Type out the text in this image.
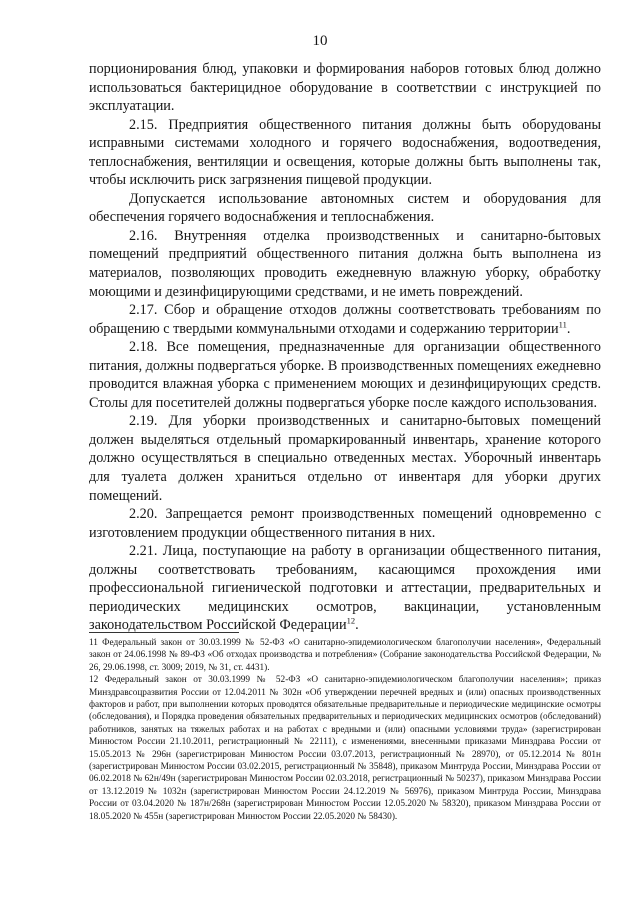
10

порционирования блюд, упаковки и формирования наборов готовых блюд должно использоваться бактерицидное оборудование в соответствии с инструкцией по эксплуатации.

2.15. Предприятия общественного питания должны быть оборудованы исправными системами холодного и горячего водоснабжения, водоотведения, теплоснабжения, вентиляции и освещения, которые должны быть выполнены так, чтобы исключить риск загрязнения пищевой продукции.

Допускается использование автономных систем и оборудования для обеспечения горячего водоснабжения и теплоснабжения.

2.16. Внутренняя отделка производственных и санитарно-бытовых помещений предприятий общественного питания должна быть выполнена из материалов, позволяющих проводить ежедневную влажную уборку, обработку моющими и дезинфицирующими средствами, и не иметь повреждений.

2.17. Сбор и обращение отходов должны соответствовать требованиям по обращению с твердыми коммунальными отходами и содержанию территории$^{11}$.

2.18. Все помещения, предназначенные для организации общественного питания, должны подвергаться уборке. В производственных помещениях ежедневно проводится влажная уборка с применением моющих и дезинфицирующих средств. Столы для посетителей должны подвергаться уборке после каждого использования.

2.19. Для уборки производственных и санитарно-бытовых помещений должен выделяться отдельный промаркированный инвентарь, хранение которого должно осуществляться в специально отведенных местах. Уборочный инвентарь для туалета должен храниться отдельно от инвентаря для уборки других помещений.

2.20. Запрещается ремонт производственных помещений одновременно с изготовлением продукции общественного питания в них.

2.21. Лица, поступающие на работу в организации общественного питания, должны соответствовать требованиям, касающимся прохождения ими профессиональной гигиенической подготовки и аттестации, предварительных и периодических медицинских осмотров, вакцинации, установленным законодательством Российской Федерации$^{12}$.

11 Федеральный закон от 30.03.1999 № 52-ФЗ «О санитарно-эпидемиологическом благополучии населения», Федеральный закон от 24.06.1998 № 89-ФЗ «Об отходах производства и потребления» (Собрание законодательства Российской Федерации, № 26, 29.06.1998, ст. 3009; 2019, № 31, ст. 4431).

12 Федеральный закон от 30.03.1999 № 52-ФЗ «О санитарно-эпидемиологическом благополучии населения»; приказ Минздравсоцразвития России от 12.04.2011 № 302н «Об утверждении перечней вредных и (или) опасных производственных факторов и работ, при выполнении которых проводятся обязательные предварительные и периодические медицинские осмотры (обследования), и Порядка проведения обязательных предварительных и периодических медицинских осмотров (обследований) работников, занятых на тяжелых работах и на работах с вредными и (или) опасными условиями труда» (зарегистрирован Минюстом России 21.10.2011, регистрационный № 22111), с изменениями, внесенными приказами Минздрава России от 15.05.2013 № 296н (зарегистрирован Минюстом России 03.07.2013, регистрационный № 28970), от 05.12.2014 № 801н (зарегистрирован Минюстом России 03.02.2015, регистрационный № 35848), приказом Минтруда России, Минздрава России от 06.02.2018 № 62н/49н (зарегистрирован Минюстом России 02.03.2018, регистрационный № 50237), приказом Минздрава России от 13.12.2019 № 1032н (зарегистрирован Минюстом России 24.12.2019 № 56976), приказом Минтруда России, Минздрава России от 03.04.2020 № 187н/268н (зарегистрирован Минюстом России 12.05.2020 № 58320), приказом Минздрава России от 18.05.2020 № 455н (зарегистрирован Минюстом России 22.05.2020 № 58430).
